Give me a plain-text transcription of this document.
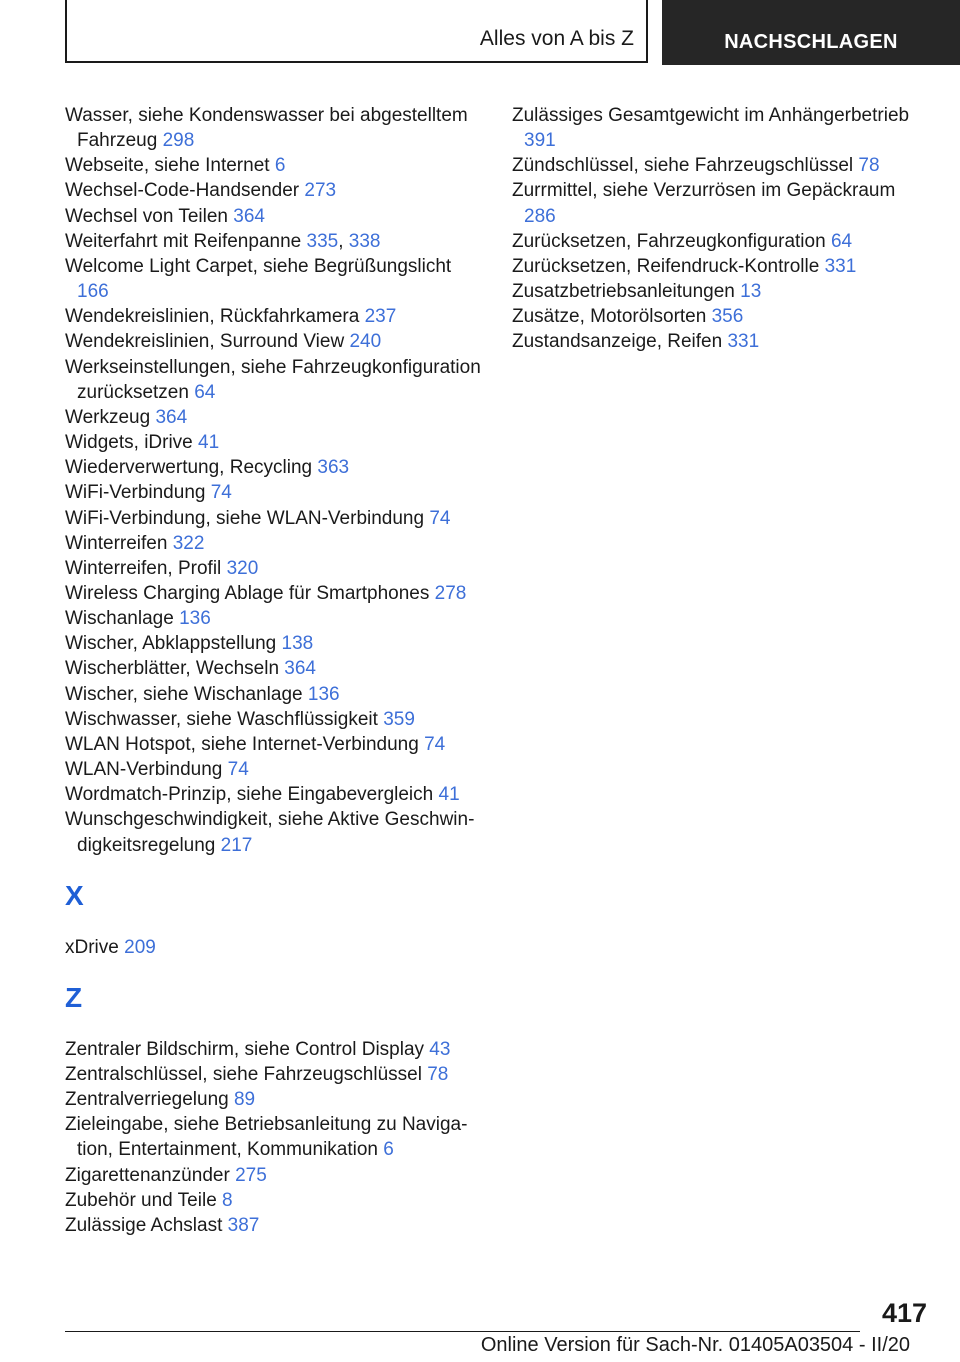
Alles von A bis Z	NACHSCHLAGEN
Wasser, siehe Kondenswasser bei abgestelltem Fahrzeug 298
Webseite, siehe Internet 6
Wechsel-Code-Handsender 273
Wechsel von Teilen 364
Weiterfahrt mit Reifenpanne 335, 338
Welcome Light Carpet, siehe Begrüßungslicht 166
Wendekreislinien, Rückfahrkamera 237
Wendekreislinien, Surround View 240
Werkseinstellungen, siehe Fahrzeugkonfiguration zurücksetzen 64
Werkzeug 364
Widgets, iDrive 41
Wiederverwertung, Recycling 363
WiFi-Verbindung 74
WiFi-Verbindung, siehe WLAN-Verbindung 74
Winterreifen 322
Winterreifen, Profil 320
Wireless Charging Ablage für Smartphones 278
Wischanlage 136
Wischer, Abklappstellung 138
Wischerblätter, Wechseln 364
Wischer, siehe Wischanlage 136
Wischwasser, siehe Waschflüssigkeit 359
WLAN Hotspot, siehe Internet-Verbindung 74
WLAN-Verbindung 74
Wordmatch-Prinzip, siehe Eingabevergleich 41
Wunschgeschwindigkeit, siehe Aktive Geschwindigkeitsregelung 217
X
xDrive 209
Z
Zentraler Bildschirm, siehe Control Display 43
Zentralschlüssel, siehe Fahrzeugschlüssel 78
Zentralverriegelung 89
Zieleingabe, siehe Betriebsanleitung zu Navigation, Entertainment, Kommunikation 6
Zigarettenanzünder 275
Zubehör und Teile 8
Zulässige Achslast 387
Zulässiges Gesamtgewicht im Anhängerbetrieb 391
Zündschlüssel, siehe Fahrzeugschlüssel 78
Zurrmittel, siehe Verzurrösen im Gepäckraum 286
Zurücksetzen, Fahrzeugkonfiguration 64
Zurücksetzen, Reifendruck-Kontrolle 331
Zusatzbetriebsanleitungen 13
Zusätze, Motorölsorten 356
Zustandsanzeige, Reifen 331
417
Online Version für Sach-Nr. 01405A03504 - II/20
